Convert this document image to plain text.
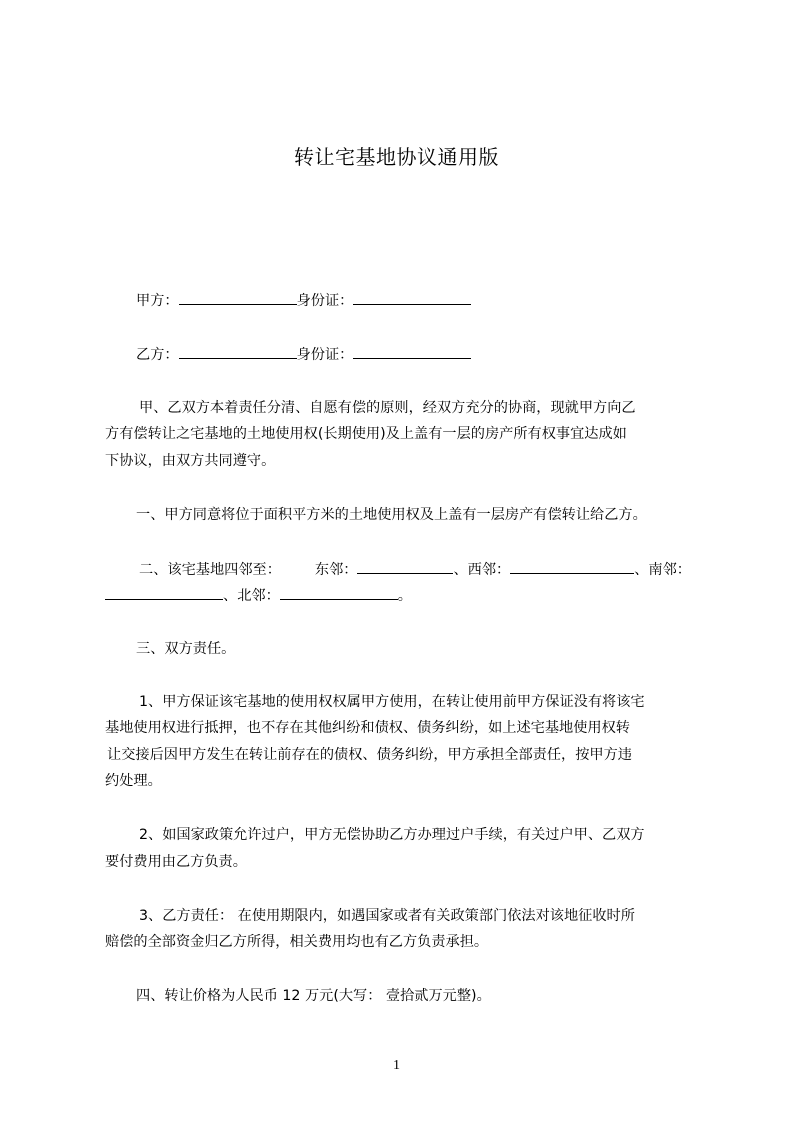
转让宅基地协议通用版
甲方：	身份证：
乙方：	身份证：
甲、乙双方本着责任分清、自愿有偿的原则，经双方充分的协商，现就甲方向乙
方有偿转让之宅基地的土地使用权(长期使用)及上盖有一层的房产所有权事宜达成如
下协议，由双方共同遵守。
一、甲方同意将位于面积平方米的土地使用权及上盖有一层房产有偿转让给乙方。
二、该宅基地四邻至： 东邻：	、西邻：	、南邻：
、北邻：	。
三、双方责任。
1、甲方保证该宅基地的使用权权属甲方使用，在转让使用前甲方保证没有将该宅
基地使用权进行抵押，也不存在其他纠纷和债权、债务纠纷，如上述宅基地使用权转
让交接后因甲方发生在转让前存在的债权、债务纠纷，甲方承担全部责任，按甲方违
约处理。
2、如国家政策允许过户，甲方无偿协助乙方办理过户手续，有关过户甲、乙双方
要付费用由乙方负责。
3、乙方责任： 在使用期限内，如遇国家或者有关政策部门依法对该地征收时所
赔偿的全部资金归乙方所得，相关费用均也有乙方负责承担。
四、转让价格为人民币 12 万元(大写： 壹拾贰万元整)。
1
